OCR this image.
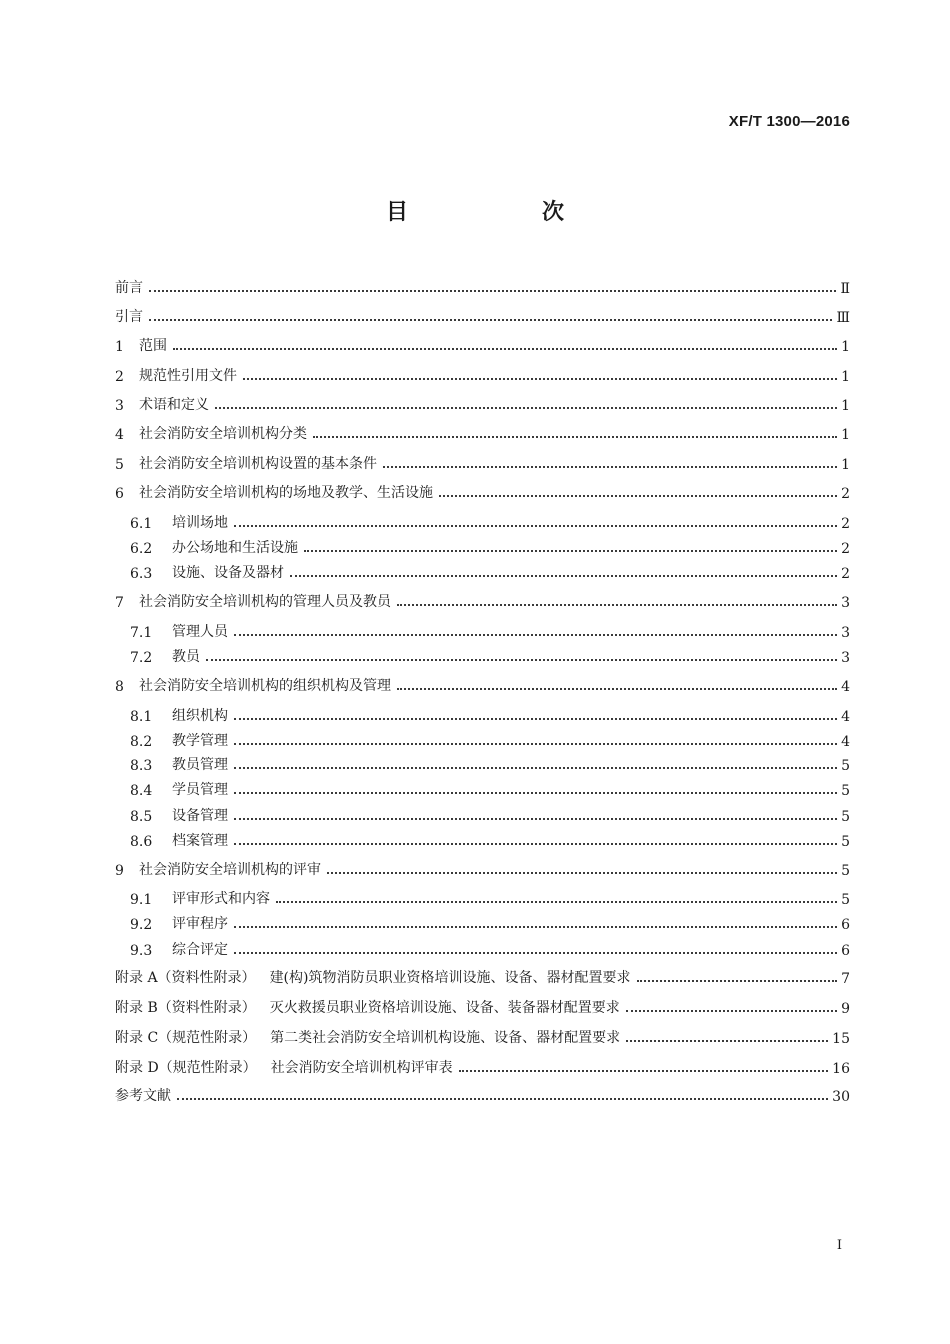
XF/T 1300—2016
目　次
前言	Ⅱ
引言	Ⅲ
1	范围	1
2	规范性引用文件	1
3	术语和定义	1
4	社会消防安全培训机构分类	1
5	社会消防安全培训机构设置的基本条件	1
6	社会消防安全培训机构的场地及教学、生活设施	2
6.1	培训场地	2
6.2	办公场地和生活设施	2
6.3	设施、设备及器材	2
7	社会消防安全培训机构的管理人员及教员	3
7.1	管理人员	3
7.2	教员	3
8	社会消防安全培训机构的组织机构及管理	4
8.1	组织机构	4
8.2	教学管理	4
8.3	教员管理	5
8.4	学员管理	5
8.5	设备管理	5
8.6	档案管理	5
9	社会消防安全培训机构的评审	5
9.1	评审形式和内容	5
9.2	评审程序	6
9.3	综合评定	6
附录 A（资料性附录） 建(构)筑物消防员职业资格培训设施、设备、器材配置要求	7
附录 B（资料性附录） 灭火救援员职业资格培训设施、设备、装备器材配置要求	9
附录 C（规范性附录） 第二类社会消防安全培训机构设施、设备、器材配置要求	15
附录 D（规范性附录） 社会消防安全培训机构评审表	16
参考文献	30
I
